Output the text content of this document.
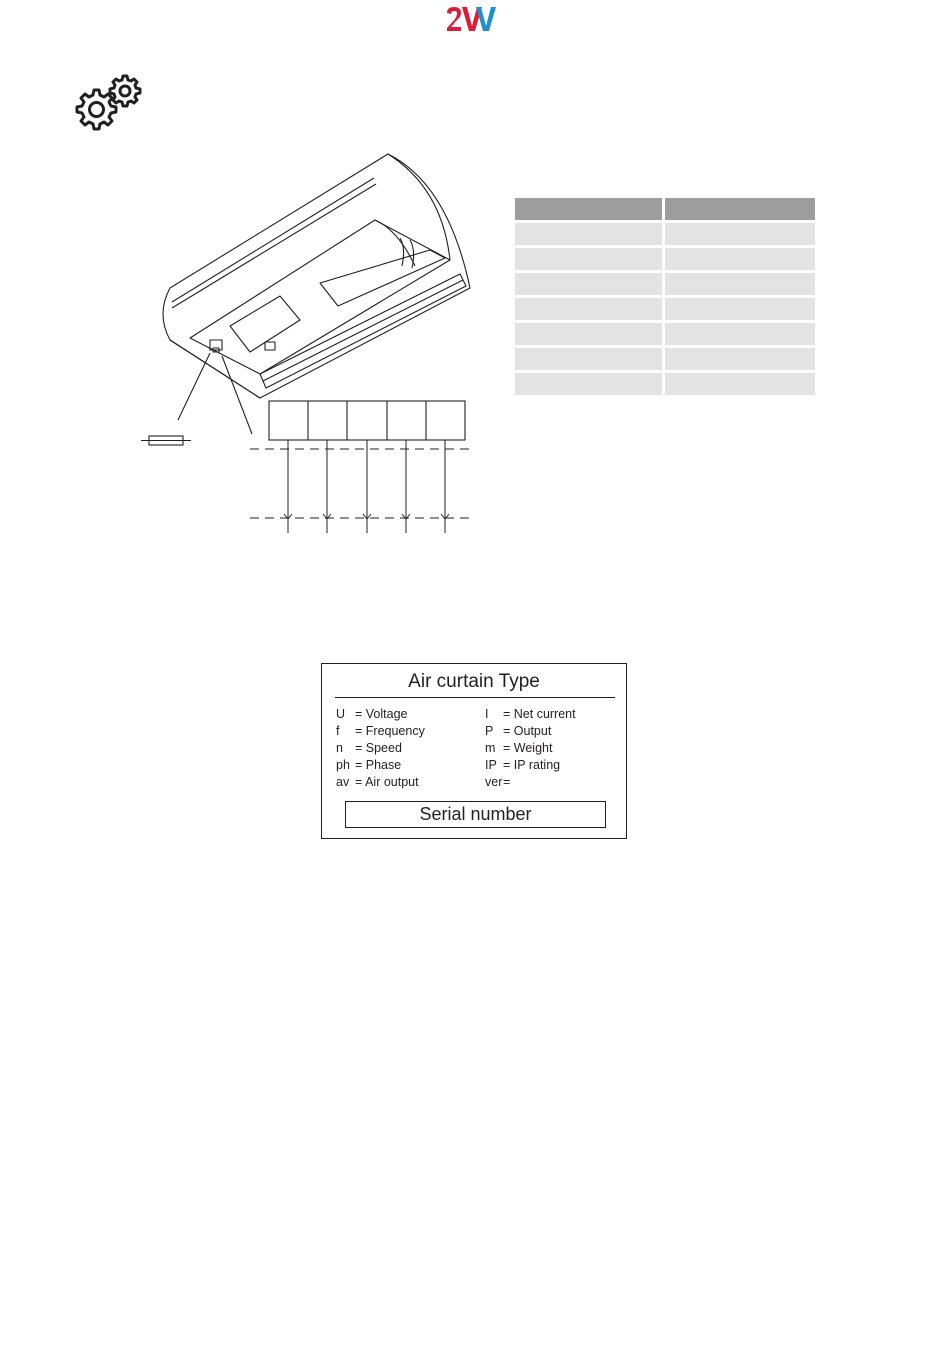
Air curtain Type
U = Voltage
f = Frequency
n = Speed
ph = Phase
av = Air output
I = Net current
P = Output
m = Weight
IP = IP rating
ver=
Serial number
